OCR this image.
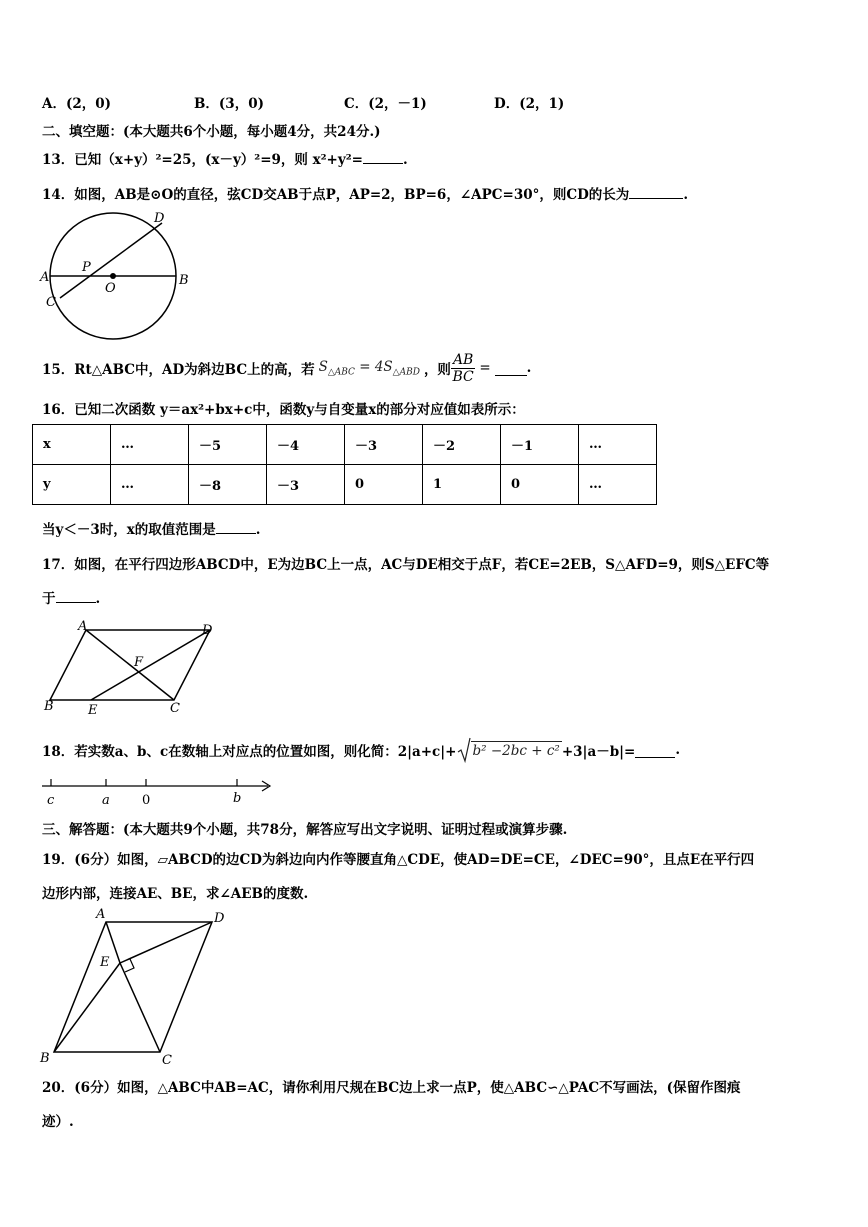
A．(2，0)	B．(3，0)	C．(2，－1)	D．(2，1)
二、填空题：(本大题共6个小题，每小题4分，共24分.)
13．已知（x+y）²=25，(x－y）²=9，则 x²+y²=	.
14．如图，AB是⊙O的直径，弦CD交AB于点P，AP=2，BP=6，∠APC=30°，则CD的长为	.
A	B
C
D
P
O
15．Rt△ABC中，AD为斜边BC上的高，若 $S_{\triangle ABC} = 4S_{\triangle ABD}$ ，则 $\frac{AB}{BC}$ =	.
16．已知二次函数 y＝ax²+bx+c中，函数y与自变量x的部分对应值如表所示：
x	…	－5	－4	－3	－2	－1	…
y	…	－8	－3	0	1	0	…
当y＜－3时，x的取值范围是	.
17．如图，在平行四边形ABCD中，E为边BC上一点，AC与DE相交于点F，若CE=2EB，S△AFD=9，则S△EFC等
于	.
A	D
B	E	C
F
18．若实数a、b、c在数轴上对应点的位置如图，则化简：2|a+c|+ b² −2bc + c² +3|a－b|=	.
c	a 0	b
三、解答题：(本大题共9个小题，共78分，解答应写出文字说明、证明过程或演算步骤.
19．(6分）如图，▱ABCD的边CD为斜边向内作等腰直角△CDE，使AD=DE=CE，∠DEC=90°，且点E在平行四
边形内部，连接AE、BE，求∠AEB的度数.
A	D
E
B	C
20．(6分）如图，△ABC中AB=AC，请你利用尺规在BC边上求一点P，使△ABC∽△PAC不写画法，(保留作图痕
迹）.
